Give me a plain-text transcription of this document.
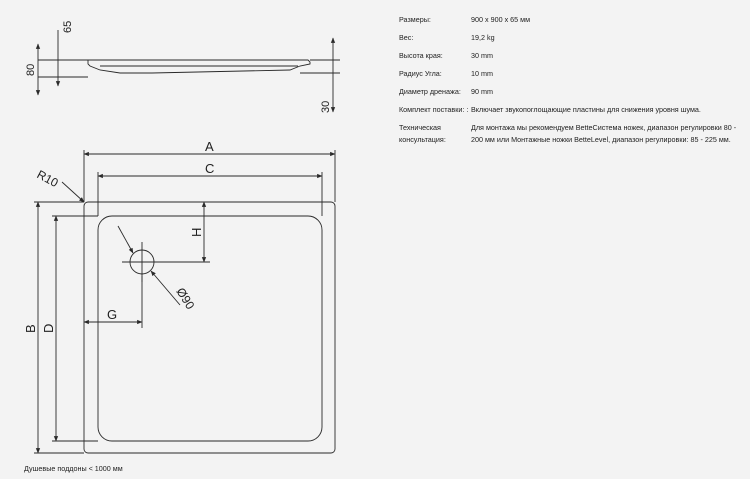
65
80
30
A
C
B D
H
G
R10
Ø90
Размеры:	900 x 900 x 65 мм
Вес:	19,2 kg
Высота края:	30 mm
Радиус Угла:	10 mm
Диаметр дренажа:	90 mm
Комплект поставки: : Включает звукопоглощающие пластины для снижения уровня шума.
Техническая консультация:
Для монтажа мы рекомендуем BetteСистема ножек, диапазон регулировки 80 - 200 мм или Монтажные ножки BetteLevel, диапазон регулировки: 85 - 225 мм.
Душевые поддоны < 1000 мм
